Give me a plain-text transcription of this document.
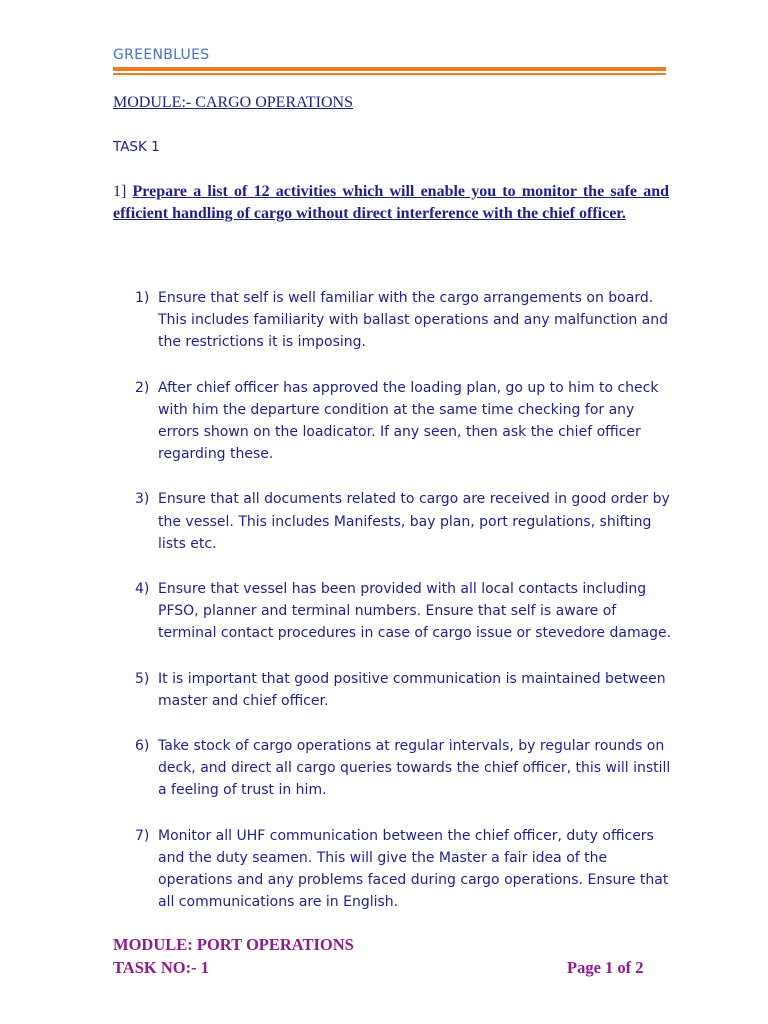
GREENBLUES
MODULE:- CARGO OPERATIONS
TASK 1
1] Prepare a list of 12 activities which will enable you to monitor the safe and efficient handling of cargo without direct interference with the chief officer.
1) Ensure that self is well familiar with the cargo arrangements on board. This includes familiarity with ballast operations and any malfunction and the restrictions it is imposing.
2) After chief officer has approved the loading plan, go up to him to check with him the departure condition at the same time checking for any errors shown on the loadicator. If any seen, then ask the chief officer regarding these.
3) Ensure that all documents related to cargo are received in good order by the vessel. This includes Manifests, bay plan, port regulations, shifting lists etc.
4) Ensure that vessel has been provided with all local contacts including PFSO, planner and terminal numbers. Ensure that self is aware of terminal contact procedures in case of cargo issue or stevedore damage.
5) It is important that good positive communication is maintained between master and chief officer.
6) Take stock of cargo operations at regular intervals, by regular rounds on deck, and direct all cargo queries towards the chief officer, this will instill a feeling of trust in him.
7) Monitor all UHF communication between the chief officer, duty officers and the duty seamen. This will give the Master a fair idea of the operations and any problems faced during cargo operations. Ensure that all communications are in English.
MODULE: PORT OPERATIONS
TASK NO:- 1	Page 1 of 2
